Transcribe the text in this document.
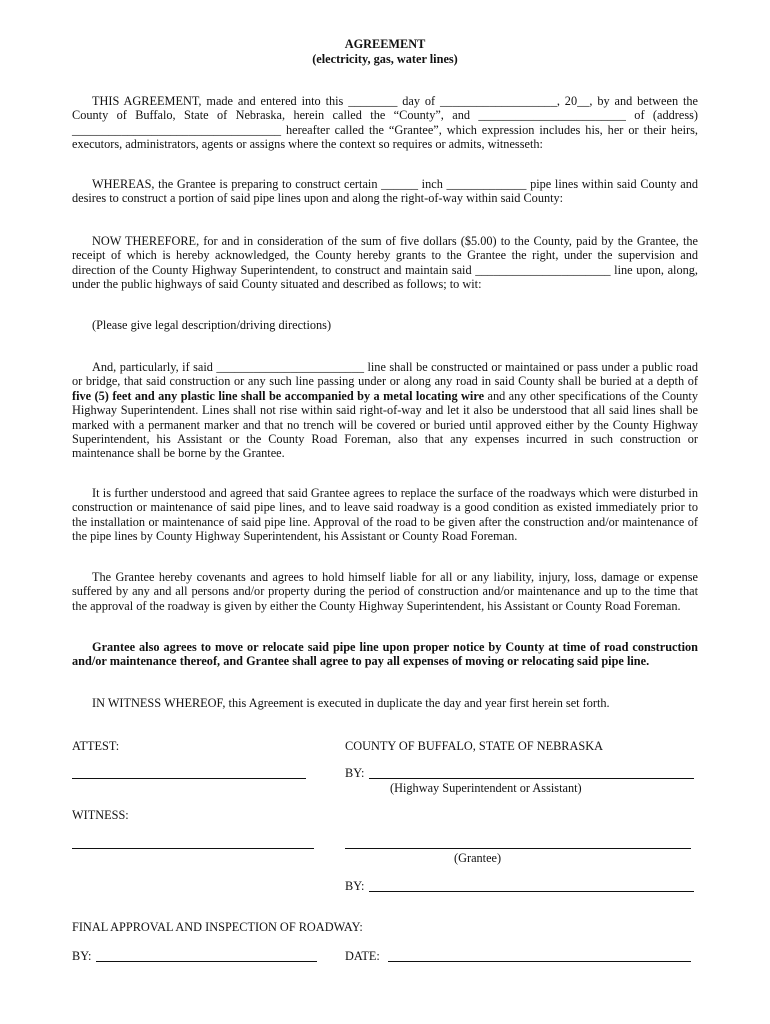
AGREEMENT
(electricity, gas, water lines)

THIS AGREEMENT, made and entered into this ________ day of ___________________, 20__, by and between the County of Buffalo, State of Nebraska, herein called the “County”, and ________________________ of (address) __________________________________ hereafter called the “Grantee”, which expression includes his, her or their heirs, executors, administrators, agents or assigns where the context so requires or admits, witnesseth:

WHEREAS, the Grantee is preparing to construct certain ______ inch _____________ pipe lines within said County and desires to construct a portion of said pipe lines upon and along the right-of-way within said County:

NOW THEREFORE, for and in consideration of the sum of five dollars ($5.00) to the County, paid by the Grantee, the receipt of which is hereby acknowledged, the County hereby grants to the Grantee the right, under the supervision and direction of the County Highway Superintendent, to construct and maintain said ______________________ line upon, along, under the public highways of said County situated and described as follows; to wit:

(Please give legal description/driving directions)

And, particularly, if said ________________________ line shall be constructed or maintained or pass under a public road or bridge, that said construction or any such line passing under or along any road in said County shall be buried at a depth of five (5) feet and any plastic line shall be accompanied by a metal locating wire and any other specifications of the County Highway Superintendent. Lines shall not rise within said right-of-way and let it also be understood that all said lines shall be marked with a permanent marker and that no trench will be covered or buried until approved either by the County Highway Superintendent, his Assistant or the County Road Foreman, also that any expenses incurred in such construction or maintenance shall be borne by the Grantee.

It is further understood and agreed that said Grantee agrees to replace the surface of the roadways which were disturbed in construction or maintenance of said pipe lines, and to leave said roadway is a good condition as existed immediately prior to the installation or maintenance of said pipe line. Approval of the road to be given after the construction and/or maintenance of the pipe lines by County Highway Superintendent, his Assistant or County Road Foreman.

The Grantee hereby covenants and agrees to hold himself liable for all or any liability, injury, loss, damage or expense suffered by any and all persons and/or property during the period of construction and/or maintenance and up to the time that the approval of the roadway is given by either the County Highway Superintendent, his Assistant or County Road Foreman.

Grantee also agrees to move or relocate said pipe line upon proper notice by County at time of road construction and/or maintenance thereof, and Grantee shall agree to pay all expenses of moving or relocating said pipe line.

IN WITNESS WHEREOF, this Agreement is executed in duplicate the day and year first herein set forth.

ATTEST:	COUNTY OF BUFFALO, STATE OF NEBRASKA
BY:
(Highway Superintendent or Assistant)
WITNESS:
(Grantee)
BY:
FINAL APPROVAL AND INSPECTION OF ROADWAY:
BY:	DATE:
